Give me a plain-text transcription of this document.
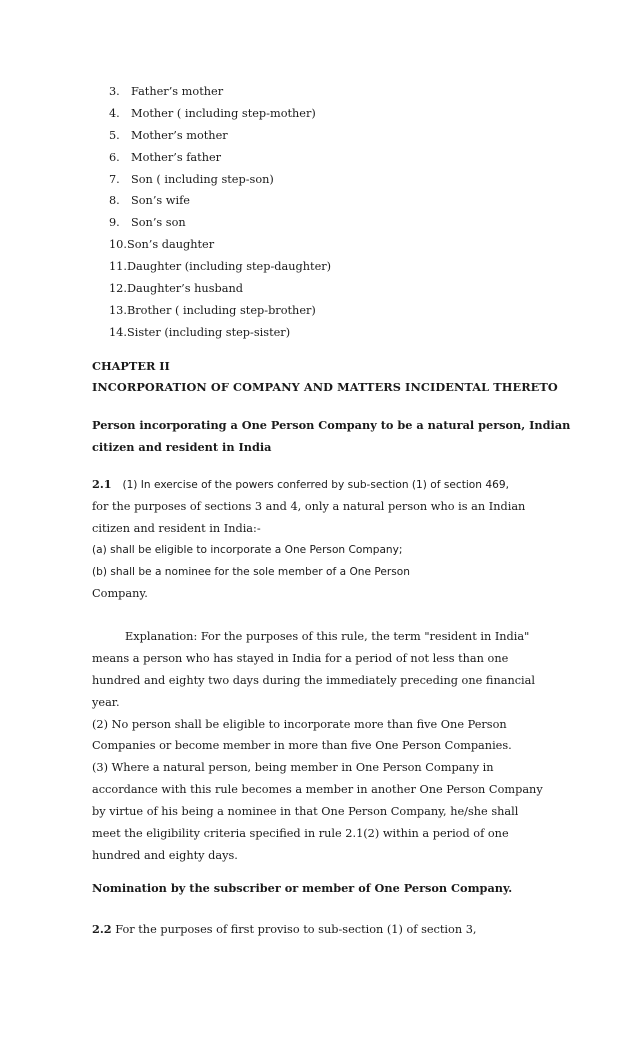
3. Father’s mother
4. Mother ( including step-mother)
5. Mother’s mother
6. Mother’s father
7. Son ( including step-son)
8. Son’s wife
9. Son’s son
10.Son’s daughter
11.Daughter (including step-daughter)
12.Daughter’s husband
13.Brother ( including step-brother)
14.Sister (including step-sister)
CHAPTER II
INCORPORATION OF COMPANY AND MATTERS INCIDENTAL THERETO
Person incorporating a One Person Company to be a natural person, Indian
citizen and resident in India
2.1 (1) In exercise of the powers conferred by sub-section (1) of section 469,
for the purposes of sections 3 and 4, only a natural person who is an Indian
citizen and resident in India:-
(a) shall be eligible to incorporate a One Person Company;
(b) shall be a nominee for the sole member of a One Person
Company.
Explanation: For the purposes of this rule, the term "resident in India"
means a person who has stayed in India for a period of not less than one
hundred and eighty two days during the immediately preceding one financial
year.
(2) No person shall be eligible to incorporate more than five One Person
Companies or become member in more than five One Person Companies.
(3) Where a natural person, being member in One Person Company in
accordance with this rule becomes a member in another One Person Company
by virtue of his being a nominee in that One Person Company, he/she shall
meet the eligibility criteria specified in rule 2.1(2) within a period of one
hundred and eighty days.
Nomination by the subscriber or member of One Person Company.
2.2 For the purposes of first proviso to sub-section (1) of section 3,
